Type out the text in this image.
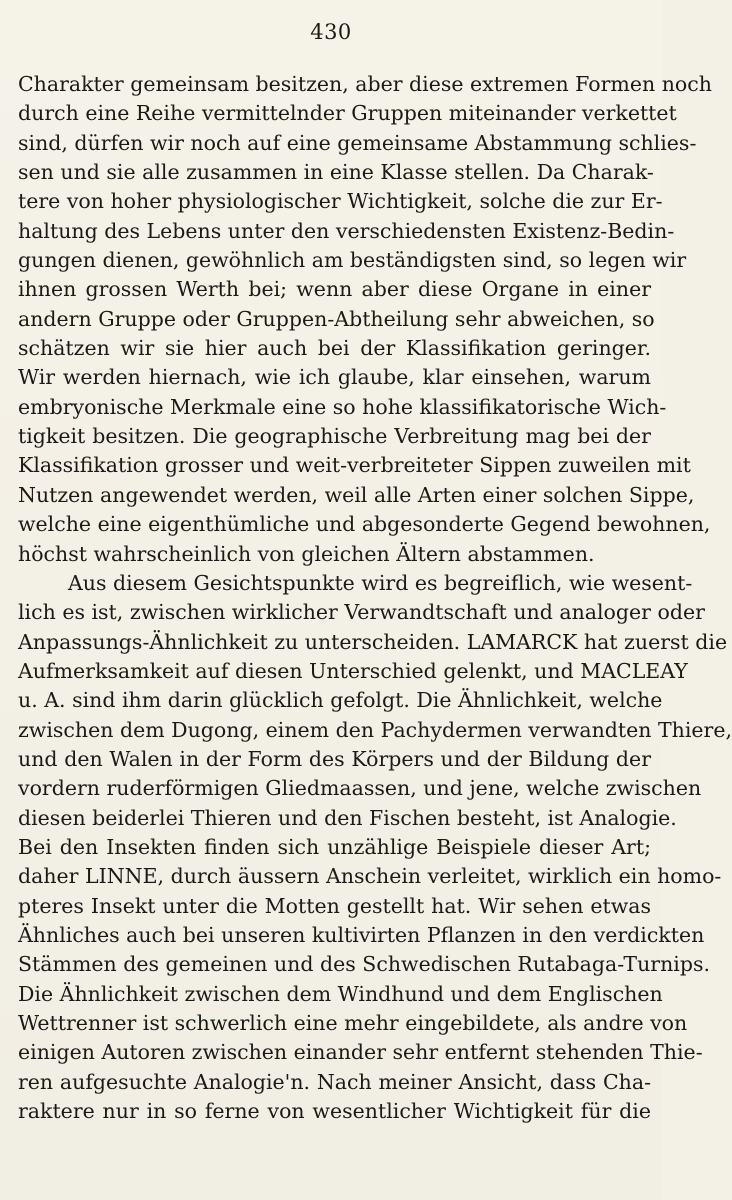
430
Charakter gemeinsam besitzen, aber diese extremen Formen noch
durch eine Reihe vermittelnder Gruppen miteinander verkettet
sind, dürfen wir noch auf eine gemeinsame Abstammung schlies-
sen und sie alle zusammen in eine Klasse stellen. Da Charak-
tere von hoher physiologischer Wichtigkeit, solche die zur Er-
haltung des Lebens unter den verschiedensten Existenz-Bedin-
gungen dienen, gewöhnlich am beständigsten sind, so legen wir
ihnen grossen Werth bei; wenn aber diese Organe in einer
andern Gruppe oder Gruppen-Abtheilung sehr abweichen, so
schätzen wir sie hier auch bei der Klassifikation geringer.
Wir werden hiernach, wie ich glaube, klar einsehen, warum
embryonische Merkmale eine so hohe klassifikatorische Wich-
tigkeit besitzen. Die geographische Verbreitung mag bei der
Klassifikation grosser und weit-verbreiteter Sippen zuweilen mit
Nutzen angewendet werden, weil alle Arten einer solchen Sippe,
welche eine eigenthümliche und abgesonderte Gegend bewohnen,
höchst wahrscheinlich von gleichen Ältern abstammen.
Aus diesem Gesichtspunkte wird es begreiflich, wie wesent-
lich es ist, zwischen wirklicher Verwandtschaft und analoger oder
Anpassungs-Ähnlichkeit zu unterscheiden. LAMARCK hat zuerst die
Aufmerksamkeit auf diesen Unterschied gelenkt, und MACLEAY
u. A. sind ihm darin glücklich gefolgt. Die Ähnlichkeit, welche
zwischen dem Dugong, einem den Pachydermen verwandten Thiere,
und den Walen in der Form des Körpers und der Bildung der
vordern ruderförmigen Gliedmaassen, und jene, welche zwischen
diesen beiderlei Thieren und den Fischen besteht, ist Analogie.
Bei den Insekten finden sich unzählige Beispiele dieser Art;
daher LINNE, durch äussern Anschein verleitet, wirklich ein homo-
pteres Insekt unter die Motten gestellt hat. Wir sehen etwas
Ähnliches auch bei unseren kultivirten Pflanzen in den verdickten
Stämmen des gemeinen und des Schwedischen Rutabaga-Turnips.
Die Ähnlichkeit zwischen dem Windhund und dem Englischen
Wettrenner ist schwerlich eine mehr eingebildete, als andre von
einigen Autoren zwischen einander sehr entfernt stehenden Thie-
ren aufgesuchte Analogie'n. Nach meiner Ansicht, dass Cha-
raktere nur in so ferne von wesentlicher Wichtigkeit für die
